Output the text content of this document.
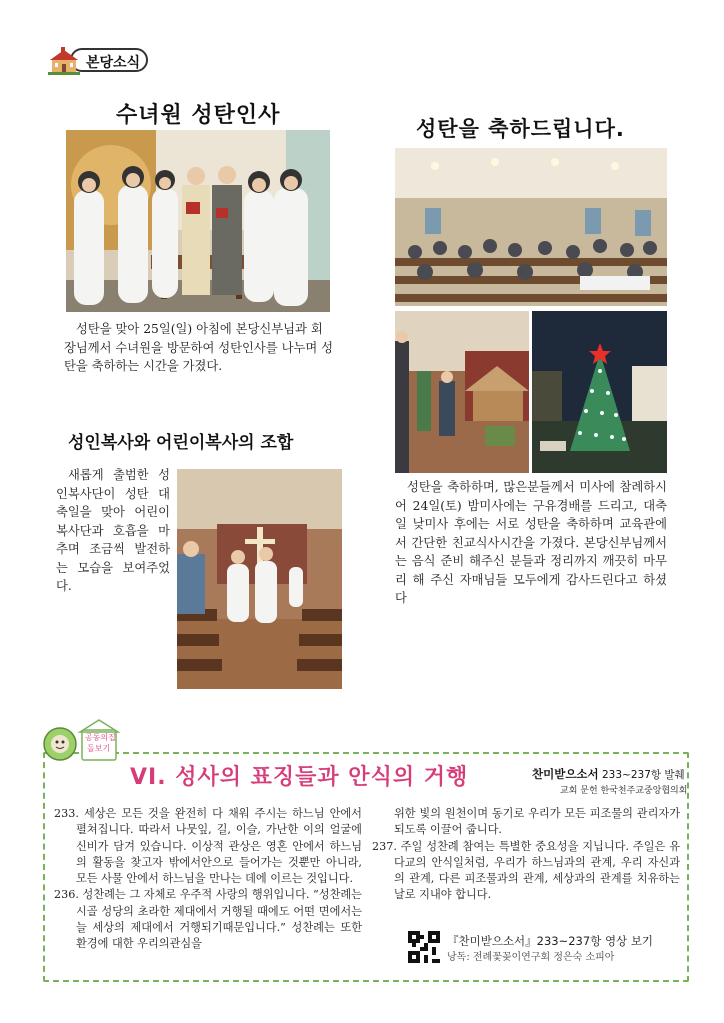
본당소식
수녀원 성탄인사
성탄을 맞아 25일(일) 아침에 본당신부님과 회장님께서 수녀원을 방문하여 성탄인사를 나누며 성탄을 축하하는 시간을 가졌다.
성인복사와 어린이복사의 조합
새롭게 출범한 성인복사단이 성탄 대축일을 맞아 어린이 복사단과 호흡을 마추며 조금씩 발전하는 모습을 보여주었다.
성탄을 축하드립니다.
성탄을 축하하며, 많은분들께서 미사에 참례하시어 24일(토) 밤미사에는 구유경배를 드리고, 대축일 낮미사 후에는 서로 성탄을 축하하며 교육관에서 간단한 친교식사시간을 가졌다. 본당신부님께서는 음식 준비 해주신 분들과 정리까지 깨끗히 마무리 해 주신 자매님들 모두에게 감사드린다고 하셨다
공동의집
돌보기
VI. 성사의 표징들과 안식의 거행	찬미받으소서 233~237항 발췌
교회 문헌 한국천주교중앙협의회
233. 세상은 모든 것을 완전히 다 채워 주시는 하느님 안에서 펼쳐집니다. 따라서 나뭇잎, 길, 이슬, 가난한 이의 얼굴에 신비가 담겨 있습니다. 이상적 관상은 영혼 안에서 하느님의 활동을 찾고자 밖에서안으로 들어가는 것뿐만 아니라, 모든 사물 안에서 하느님을 만나는 데에 이르는 것입니다.
236. 성찬례는 그 자체로 우주적 사랑의 행위입니다. “성찬례는 시골 성당의 초라한 제대에서 거행될 때에도 어떤 면에서는 늘 세상의 제대에서 거행되기때문입니다.” 성찬례는 또한 환경에 대한 우리의관심을
위한 빛의 원천이며 동기로 우리가 모든 피조물의 관리자가 되도록 이끌어 줍니다.
237. 주일 성찬례 참여는 특별한 중요성을 지닙니다. 주일은 유다교의 안식일처럼, 우리가 하느님과의 관계, 우리 자신과의 관계, 다른 피조물과의 관계, 세상과의 관계를 치유하는 날로 지내야 합니다.
『찬미받으소서』233~237항 영상 보기
낭독: 전례꽃꽂이연구회 정은숙 소피아
